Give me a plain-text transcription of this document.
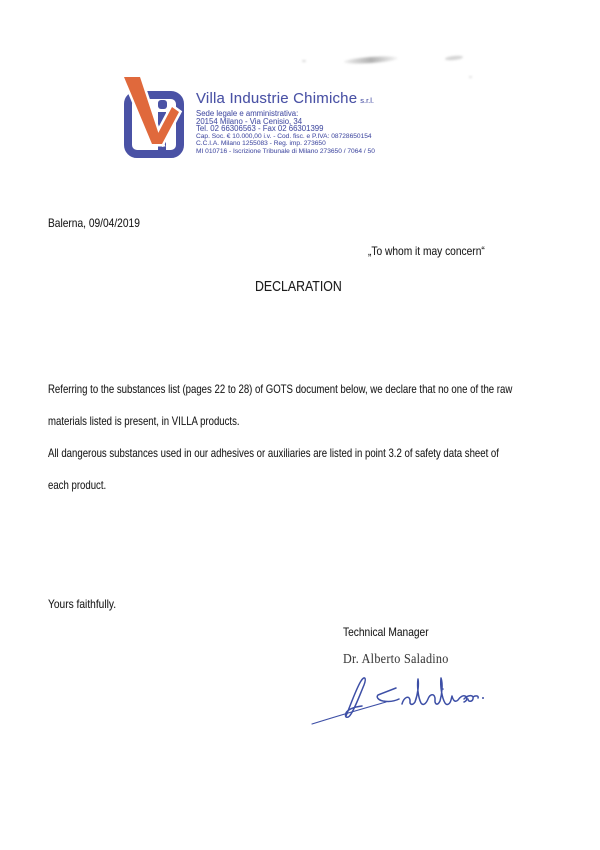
Villa Industrie Chimiche s.r.l.
Sede legale e amministrativa:
20154 Milano - Via Cenisio, 34
Tel. 02 66306563 - Fax 02 66301399
Cap. Soc. € 10.000,00 i.v. - Cod. fisc. e P.IVA: 08728650154
C.C.I.A. Milano 1255083 - Reg. imp. 273650
MI 010716 - Iscrizione Tribunale di Milano 273650 / 7064 / 50
Balerna, 09/04/2019
„To whom it may concern“
DECLARATION
Referring to the substances list (pages 22 to 28) of GOTS document below, we declare that no one of the raw
materials listed is present, in VILLA products.
All dangerous substances used in our adhesives or auxiliaries are listed in point 3.2 of safety data sheet of
each product.
Yours faithfully.
Technical Manager
Dr. Alberto Saladino
